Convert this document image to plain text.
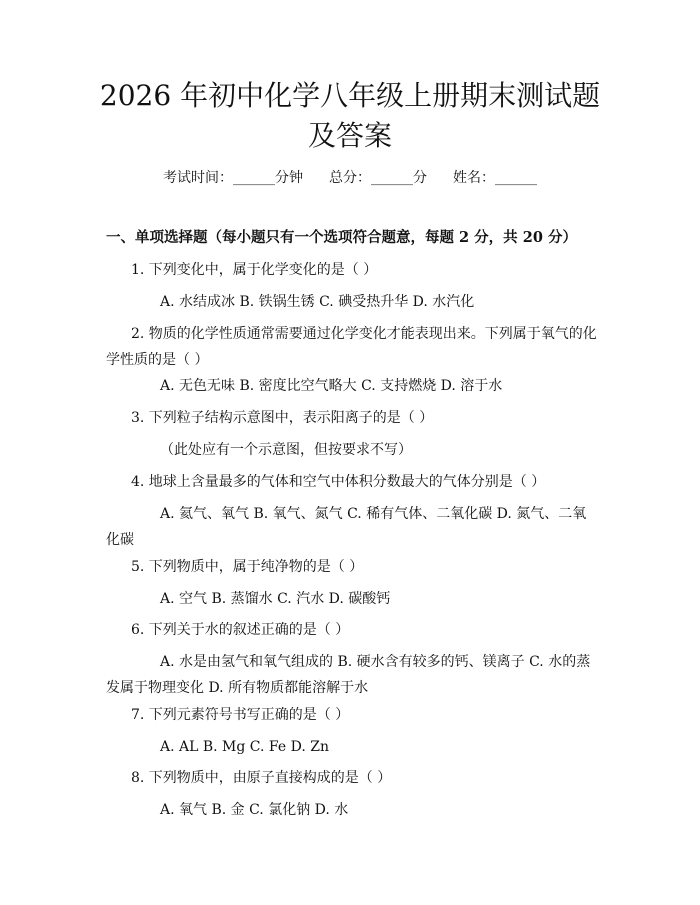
2026 年初中化学八年级上册期末测试题及答案
考试时间：______分钟 总分：______分 姓名：______
一、单项选择题（每小题只有一个选项符合题意，每题 2 分，共 20 分）
1. 下列变化中，属于化学变化的是（ ）
A. 水结成冰 B. 铁锅生锈 C. 碘受热升华 D. 水汽化
2. 物质的化学性质通常需要通过化学变化才能表现出来。下列属于氧气的化学性质的是（ ）
A. 无色无味 B. 密度比空气略大 C. 支持燃烧 D. 溶于水
3. 下列粒子结构示意图中，表示阳离子的是（ ）
（此处应有一个示意图，但按要求不写）
4. 地球上含量最多的气体和空气中体积分数最大的气体分别是（ ）
A. 氦气、氧气 B. 氧气、氮气 C. 稀有气体、二氧化碳 D. 氮气、二氧化碳
5. 下列物质中，属于纯净物的是（ ）
A. 空气 B. 蒸馏水 C. 汽水 D. 碳酸钙
6. 下列关于水的叙述正确的是（ ）
A. 水是由氢气和氧气组成的 B. 硬水含有较多的钙、镁离子 C. 水的蒸发属于物理变化 D. 所有物质都能溶解于水
7. 下列元素符号书写正确的是（ ）
A. AL B. Mg C. Fe D. Zn
8. 下列物质中，由原子直接构成的是（ ）
A. 氧气 B. 金 C. 氯化钠 D. 水
